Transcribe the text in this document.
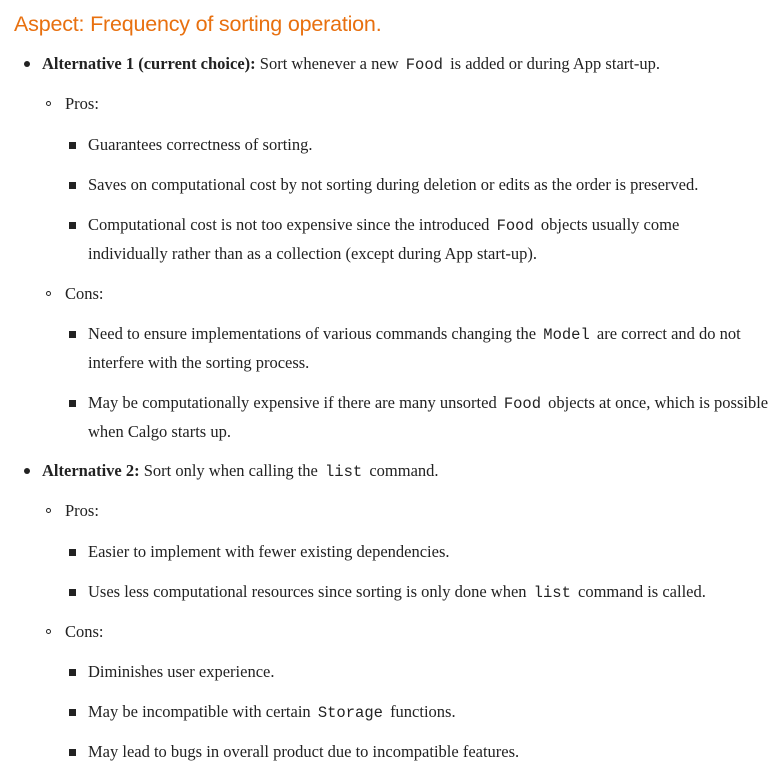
Aspect: Frequency of sorting operation.
Alternative 1 (current choice): Sort whenever a new Food is added or during App start-up.
Pros:
Guarantees correctness of sorting.
Saves on computational cost by not sorting during deletion or edits as the order is preserved.
Computational cost is not too expensive since the introduced Food objects usually come individually rather than as a collection (except during App start-up).
Cons:
Need to ensure implementations of various commands changing the Model are correct and do not interfere with the sorting process.
May be computationally expensive if there are many unsorted Food objects at once, which is possible when Calgo starts up.
Alternative 2: Sort only when calling the list command.
Pros:
Easier to implement with fewer existing dependencies.
Uses less computational resources since sorting is only done when list command is called.
Cons:
Diminishes user experience.
May be incompatible with certain Storage functions.
May lead to bugs in overall product due to incompatible features.
